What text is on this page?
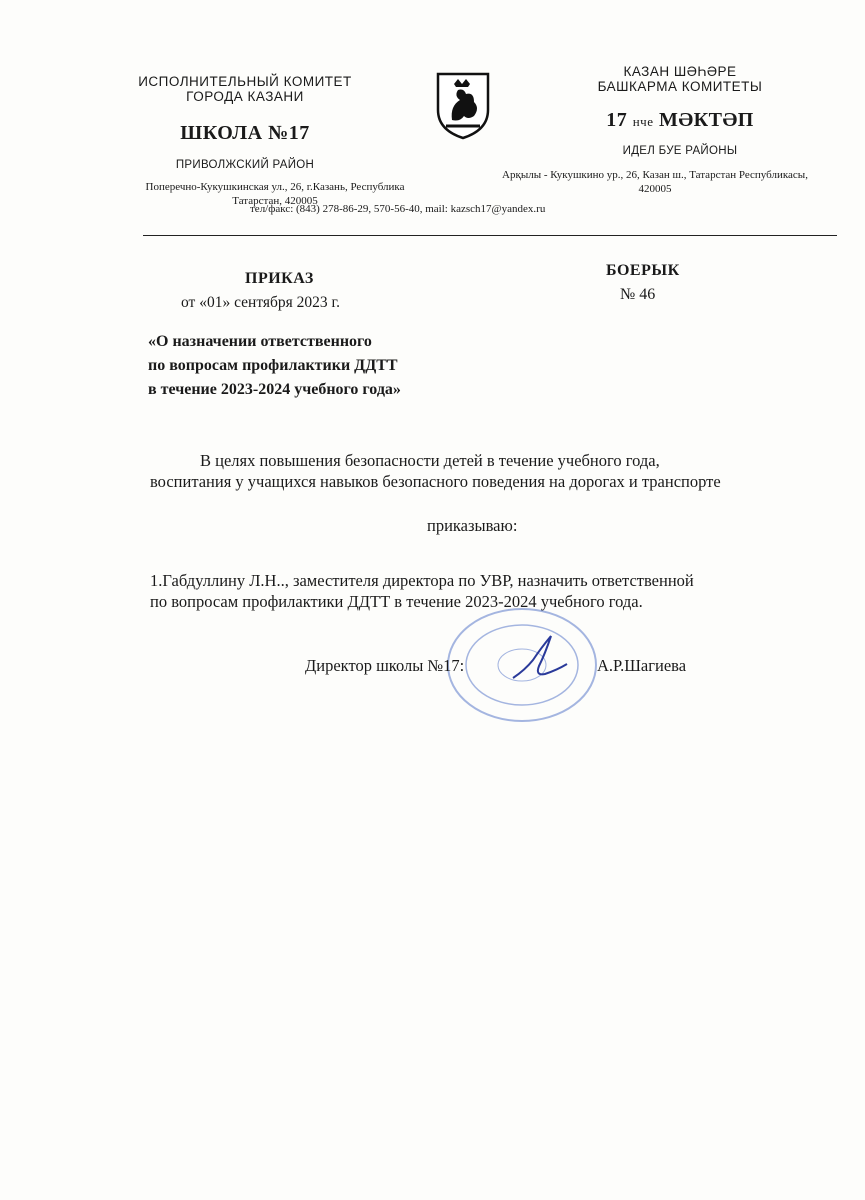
ИСПОЛНИТЕЛЬНЫЙ КОМИТЕТ
ГОРОДА КАЗАНИ
ШКОЛА №17
ПРИВОЛЖСКИЙ РАЙОН
Поперечно-Кукушкинская ул., 26, г.Казань, Республика
Татарстан, 420005
КАЗАН ШӘҺӘРЕ
БАШКАРМА КОМИТЕТЫ
17 нче МӘКТӘП
ИДЕЛ БУЕ РАЙОНЫ
Арқылы - Кукушкино ур., 26, Казан ш., Татарстан Республикасы,
420005
тел/факс: (843) 278-86-29, 570-56-40, mail: kazsch17@yandex.ru
ПРИКАЗ
от «01» сентября 2023 г.
БОЕРЫК
№ 46
«О назначении ответственного
по вопросам профилактики ДДТТ
в течение 2023-2024 учебного года»
В целях повышения безопасности детей в течение учебного года,
воспитания у учащихся навыков безопасного поведения на дорогах и транспорте
приказываю:
1.Габдуллину Л.Н.., заместителя директора по УВР, назначить ответственной
по вопросам профилактики ДДТТ в течение 2023-2024 учебного года.
Директор школы №17:	А.Р.Шагиева
